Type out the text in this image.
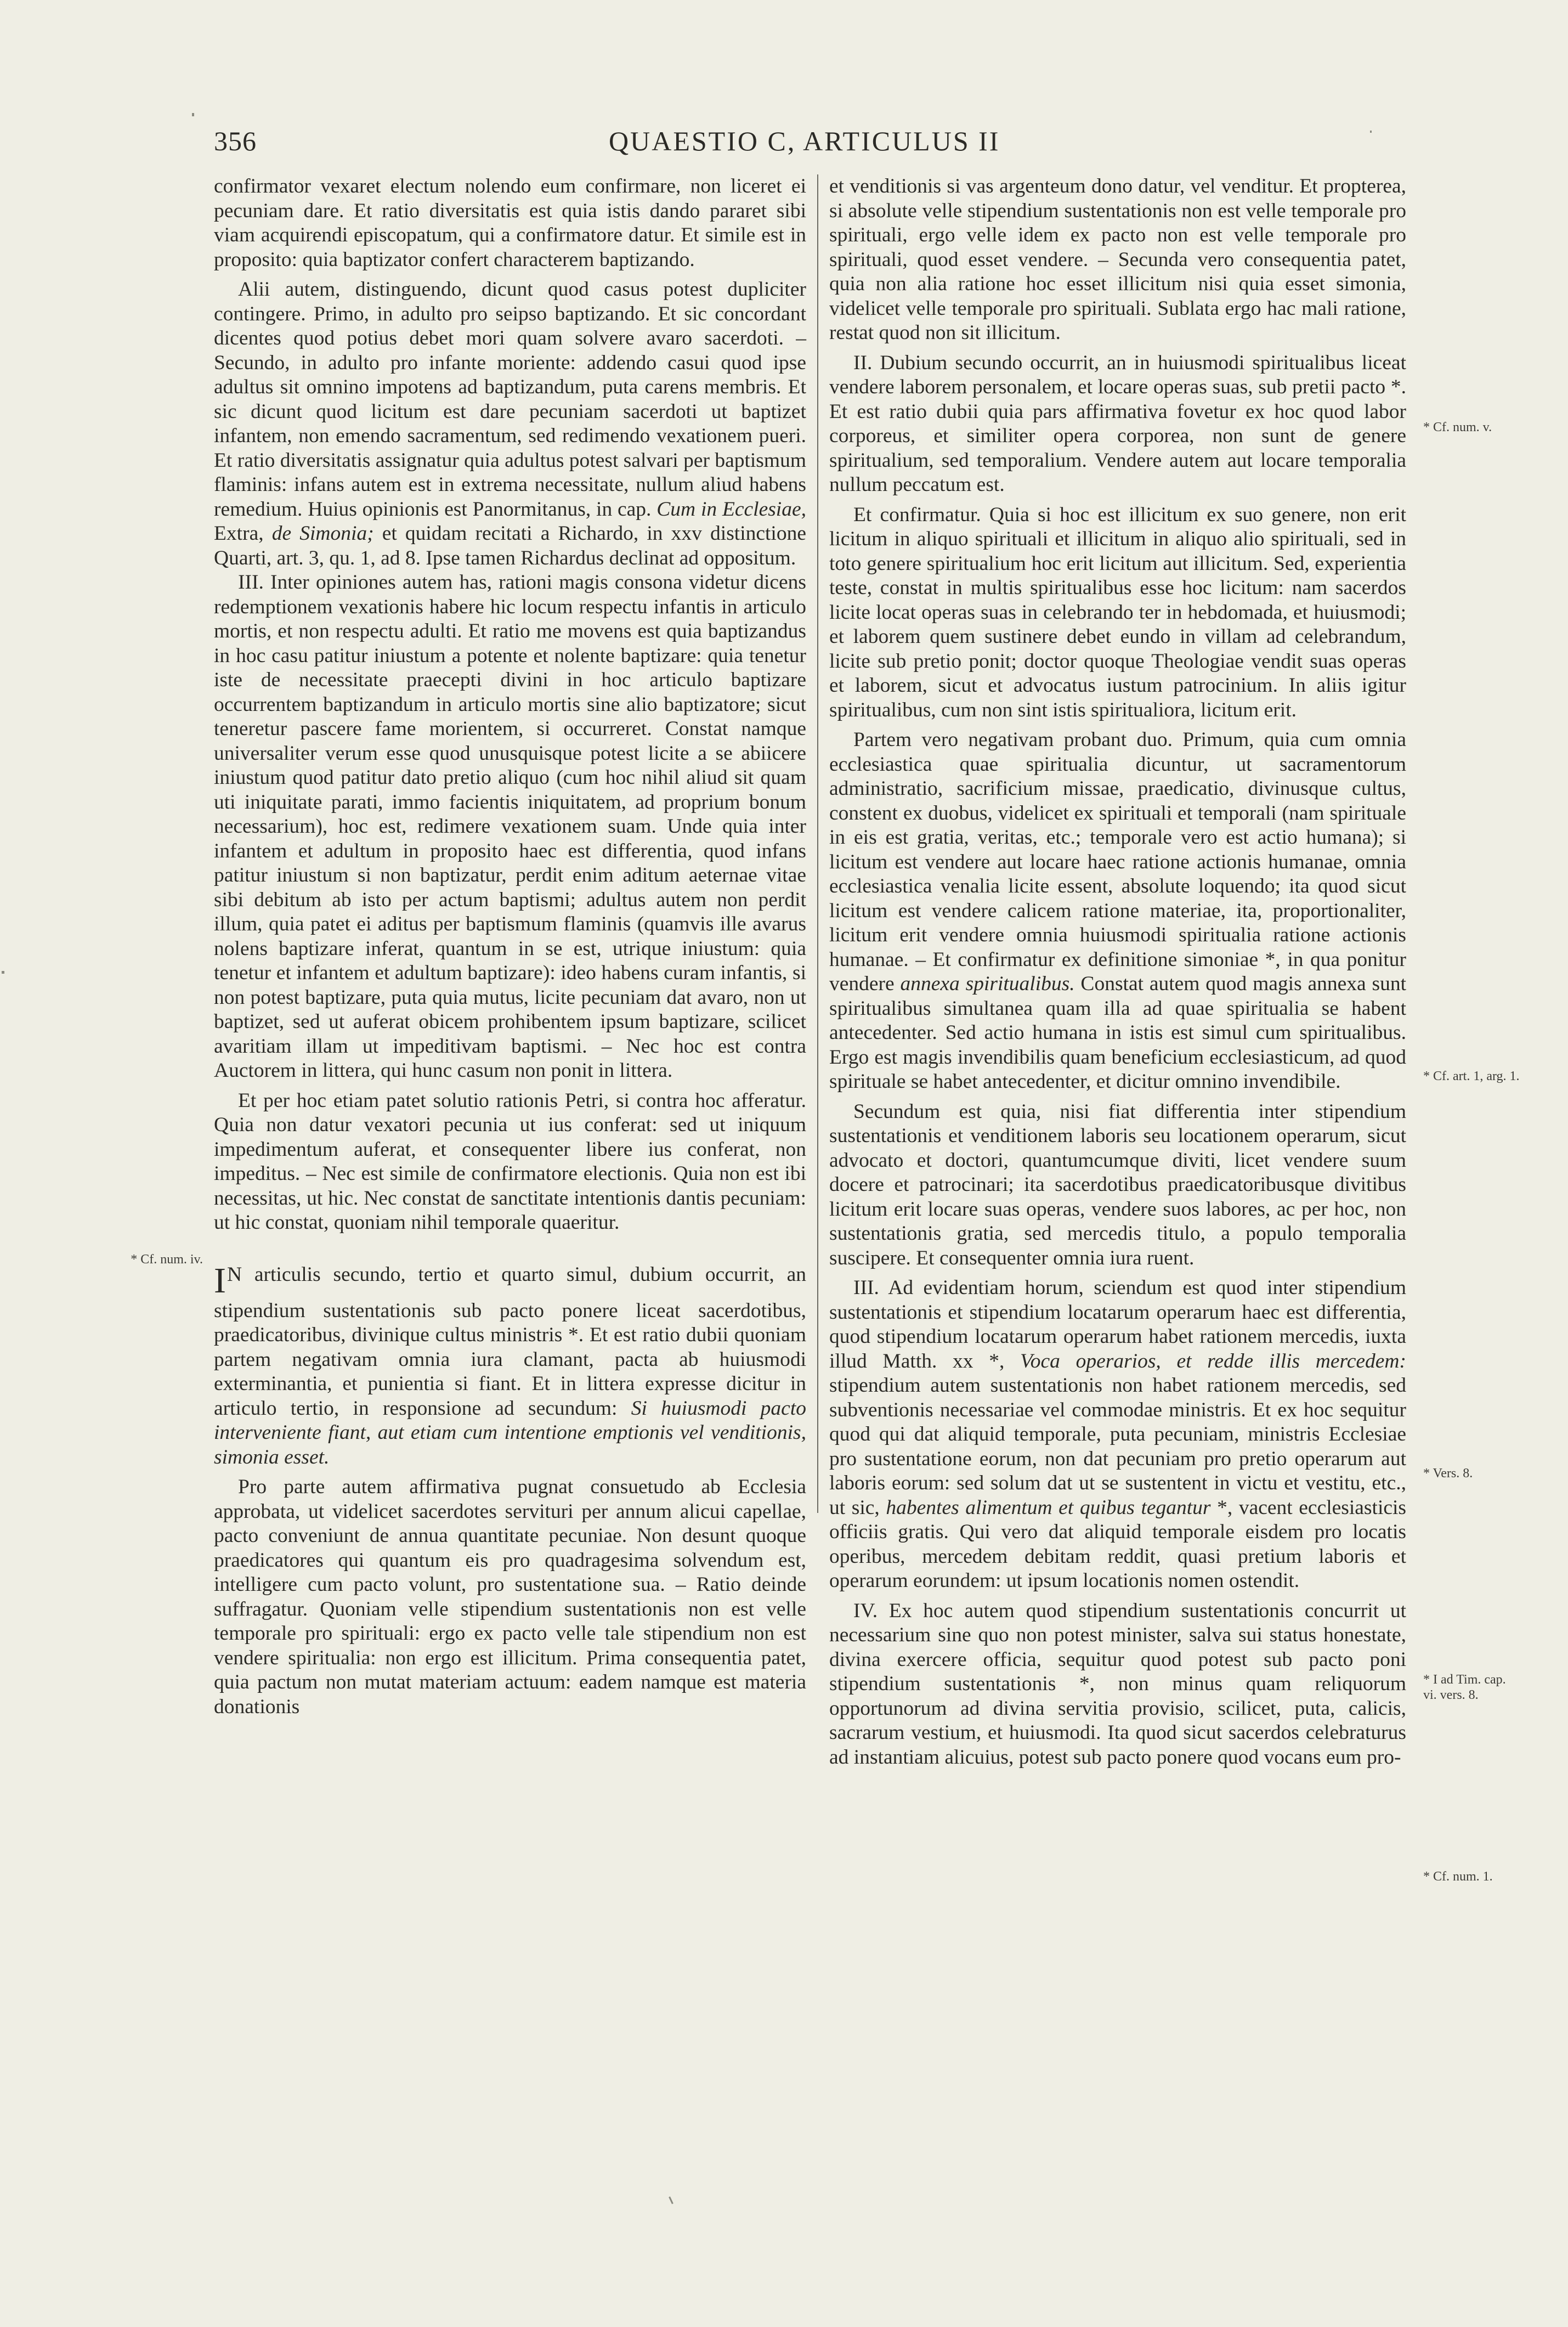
356	QUAESTIO C, ARTICULUS II

confirmator vexaret electum nolendo eum confirmare, non liceret ei pecuniam dare. Et ratio diversitatis est quia istis dando pararet sibi viam acquirendi episcopatum, qui a confirmatore datur. Et simile est in proposito: quia baptizator confert characterem baptizando.

Alii autem, distinguendo, dicunt quod casus potest dupliciter contingere. Primo, in adulto pro seipso baptizando. Et sic concordant dicentes quod potius debet mori quam solvere avaro sacerdoti. – Secundo, in adulto pro infante moriente: addendo casui quod ipse adultus sit omnino impotens ad baptizandum, puta carens membris. Et sic dicunt quod licitum est dare pecuniam sacerdoti ut baptizet infantem, non emendo sacramentum, sed redimendo vexationem pueri. Et ratio diversitatis assignatur quia adultus potest salvari per baptismum flaminis: infans autem est in extrema necessitate, nullum aliud habens remedium. Huius opinionis est Panormitanus, in cap. Cum in Ecclesiae, Extra, de Simonia; et quidam recitati a Richardo, in xxv distinctione Quarti, art. 3, qu. 1, ad 8. Ipse tamen Richardus declinat ad oppositum.

III. Inter opiniones autem has, rationi magis consona videtur dicens redemptionem vexationis habere hic locum respectu infantis in articulo mortis, et non respectu adulti. Et ratio me movens est quia baptizandus in hoc casu patitur iniustum a potente et nolente baptizare: quia tenetur iste de necessitate praecepti divini in hoc articulo baptizare occurrentem baptizandum in articulo mortis sine alio baptizatore; sicut teneretur pascere fame morientem, si occurreret. Constat namque universaliter verum esse quod unusquisque potest licite a se abiicere iniustum quod patitur dato pretio aliquo (cum hoc nihil aliud sit quam uti iniquitate parati, immo facientis iniquitatem, ad proprium bonum necessarium), hoc est, redimere vexationem suam. Unde quia inter infantem et adultum in proposito haec est differentia, quod infans patitur iniustum si non baptizatur, perdit enim aditum aeternae vitae sibi debitum ab isto per actum baptismi; adultus autem non perdit illum, quia patet ei aditus per baptismum flaminis (quamvis ille avarus nolens baptizare inferat, quantum in se est, utrique iniustum: quia tenetur et infantem et adultum baptizare): ideo habens curam infantis, si non potest baptizare, puta quia mutus, licite pecuniam dat avaro, non ut baptizet, sed ut auferat obicem prohibentem ipsum baptizare, scilicet avaritiam illam ut impeditivam baptismi. – Nec hoc est contra Auctorem in littera, qui hunc casum non ponit in littera.

Et per hoc etiam patet solutio rationis Petri, si contra hoc afferatur. Quia non datur vexatori pecunia ut ius conferat: sed ut iniquum impedimentum auferat, et consequenter libere ius conferat, non impeditus. – Nec est simile de confirmatore electionis. Quia non est ibi necessitas, ut hic. Nec constat de sanctitate intentionis dantis pecuniam: ut hic constat, quoniam nihil temporale quaeritur.

IN articulis secundo, tertio et quarto simul, dubium occurrit, an stipendium sustentationis sub pacto ponere liceat sacerdotibus, praedicatoribus, divinique cultus ministris *. Et est ratio dubii quoniam partem negativam omnia iura clamant, pacta ab huiusmodi exterminantia, et punientia si fiant. Et in littera expresse dicitur in articulo tertio, in responsione ad secundum: Si huiusmodi pacto interveniente fiant, aut etiam cum intentione emptionis vel venditionis, simonia esset.

Pro parte autem affirmativa pugnat consuetudo ab Ecclesia approbata, ut videlicet sacerdotes servituri per annum alicui capellae, pacto conveniunt de annua quantitate pecuniae. Non desunt quoque praedicatores qui quantum eis pro quadragesima solvendum est, intelligere cum pacto volunt, pro sustentatione sua. – Ratio deinde suffragatur. Quoniam velle stipendium sustentationis non est velle temporale pro spirituali: ergo ex pacto velle tale stipendium non est vendere spiritualia: non ergo est illicitum. Prima consequentia patet, quia pactum non mutat materiam actuum: eadem namque est materia donationis

et venditionis si vas argenteum dono datur, vel venditur. Et propterea, si absolute velle stipendium sustentationis non est velle temporale pro spirituali, ergo velle idem ex pacto non est velle temporale pro spirituali, quod esset vendere. – Secunda vero consequentia patet, quia non alia ratione hoc esset illicitum nisi quia esset simonia, videlicet velle temporale pro spirituali. Sublata ergo hac mali ratione, restat quod non sit illicitum.

II. Dubium secundo occurrit, an in huiusmodi spiritualibus liceat vendere laborem personalem, et locare operas suas, sub pretii pacto *. Et est ratio dubii quia pars affirmativa fovetur ex hoc quod labor corporeus, et similiter opera corporea, non sunt de genere spiritualium, sed temporalium. Vendere autem aut locare temporalia nullum peccatum est.

Et confirmatur. Quia si hoc est illicitum ex suo genere, non erit licitum in aliquo spirituali et illicitum in aliquo alio spirituali, sed in toto genere spiritualium hoc erit licitum aut illicitum. Sed, experientia teste, constat in multis spiritualibus esse hoc licitum: nam sacerdos licite locat operas suas in celebrando ter in hebdomada, et huiusmodi; et laborem quem sustinere debet eundo in villam ad celebrandum, licite sub pretio ponit; doctor quoque Theologiae vendit suas operas et laborem, sicut et advocatus iustum patrocinium. In aliis igitur spiritualibus, cum non sint istis spiritualiora, licitum erit.

Partem vero negativam probant duo. Primum, quia cum omnia ecclesiastica quae spiritualia dicuntur, ut sacramentorum administratio, sacrificium missae, praedicatio, divinusque cultus, constent ex duobus, videlicet ex spirituali et temporali (nam spirituale in eis est gratia, veritas, etc.; temporale vero est actio humana); si licitum est vendere aut locare haec ratione actionis humanae, omnia ecclesiastica venalia licite essent, absolute loquendo; ita quod sicut licitum est vendere calicem ratione materiae, ita, proportionaliter, licitum erit vendere omnia huiusmodi spiritualia ratione actionis humanae. – Et confirmatur ex definitione simoniae *, in qua ponitur vendere annexa spiritualibus. Constat autem quod magis annexa sunt spiritualibus simultanea quam illa ad quae spiritualia se habent antecedenter. Sed actio humana in istis est simul cum spiritualibus. Ergo est magis invendibilis quam beneficium ecclesiasticum, ad quod spirituale se habet antecedenter, et dicitur omnino invendibile.

Secundum est quia, nisi fiat differentia inter stipendium sustentationis et venditionem laboris seu locationem operarum, sicut advocato et doctori, quantumcumque diviti, licet vendere suum docere et patrocinari; ita sacerdotibus praedicatoribusque divitibus licitum erit locare suas operas, vendere suos labores, ac per hoc, non sustentationis gratia, sed mercedis titulo, a populo temporalia suscipere. Et consequenter omnia iura ruent.

III. Ad evidentiam horum, sciendum est quod inter stipendium sustentationis et stipendium locatarum operarum haec est differentia, quod stipendium locatarum operarum habet rationem mercedis, iuxta illud Matth. xx *, Voca operarios, et redde illis mercedem: stipendium autem sustentationis non habet rationem mercedis, sed subventionis necessariae vel commodae ministris. Et ex hoc sequitur quod qui dat aliquid temporale, puta pecuniam, ministris Ecclesiae pro sustentatione eorum, non dat pecuniam pro pretio operarum aut laboris eorum: sed solum dat ut se sustentent in victu et vestitu, etc., ut sic, habentes alimentum et quibus tegantur *, vacent ecclesiasticis officiis gratis. Qui vero dat aliquid temporale eisdem pro locatis operibus, mercedem debitam reddit, quasi pretium laboris et operarum eorundem: ut ipsum locationis nomen ostendit.

IV. Ex hoc autem quod stipendium sustentationis concurrit ut necessarium sine quo non potest minister, salva sui status honestate, divina exercere officia, sequitur quod potest sub pacto poni stipendium sustentationis *, non minus quam reliquorum opportunorum ad divina servitia provisio, scilicet, puta, calicis, sacrarum vestium, et huiusmodi. Ita quod sicut sacerdos celebraturus ad instantiam alicuius, potest sub pacto ponere quod vocans eum pro-

* Cf. num. iv.
* Cf. num. v.
* Cf. art. 1, arg. 1.
* Vers. 8.
* I ad Tim. cap.
vi. vers. 8.
* Cf. num. 1.
